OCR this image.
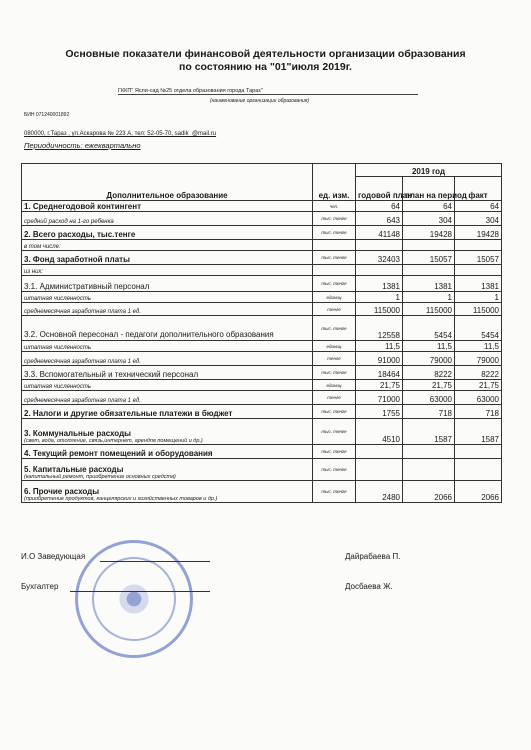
Основные показатели финансовой деятельности организации образования
по состоянию на "01"июля 2019г.
ГККП" Ясли-сад №25 отдела образования города Тараз"
(наименование организации образования)
БИН 071240001892
080000, г.Тараз , ул.Аскарова № 223 А, тел: 52-05-70, sadik_@mail.ru
Периодичность: ежеквартально
Дополнительное образование	ед. изм.	2019 год		
		годовой план	план на период	факт
1. Среднегодовой контингент	чел.	64	64	64
средний расход на 1-го ребенка	тыс. тенге	643	304	304
2. Всего расходы, тыс.тенге	тыс. тенге	41148	19428	19428
в том числе:				
3. Фонд заработной платы	тыс. тенге	32403	15057	15057
из них:				
3.1. Административный персонал	тыс. тенге	1381	1381	1381
штатная численность	единиц	1	1	1
среднемесячная заработная плата 1 ед.	тенге	115000	115000	115000
3.2. Основной пересонал - педагоги дополнительного образования	тыс. тенге	12558	5454	5454
штатная численность	единиц	11,5	11,5	11,5
среднемесячная заработная плата 1 ед.	тенге	91000	79000	79000
3.3. Вспомогательный и технический персонал	тыс. тенге	18464	8222	8222
штатная численность	единиц	21,75	21,75	21,75
среднемесячная заработная плата 1 ед.	тенге	71000	63000	63000
2. Налоги и другие обязательные платежи в бюджет	тыс. тенге	1755	718	718
3. Коммунальные расходы
(свет, вода, отопление, связь,интернет, арендпв помещений и др.)	тыс. тенге	4510	1587	1587
4. Текущий ремонт помещений и оборудования	тыс. тенге			
5. Капитальные расходы
(капитальный ремонт, приобретение основных средств)	тыс. тенге			
6. Прочие расходы
(приобретение продуктов, канцелярских и хозяйственных товаров и др.)	тыс. тенге	2480	2066	2066
И.О Заведующая	Дайрабаева П.
Бухгалтер	Досбаева Ж.
